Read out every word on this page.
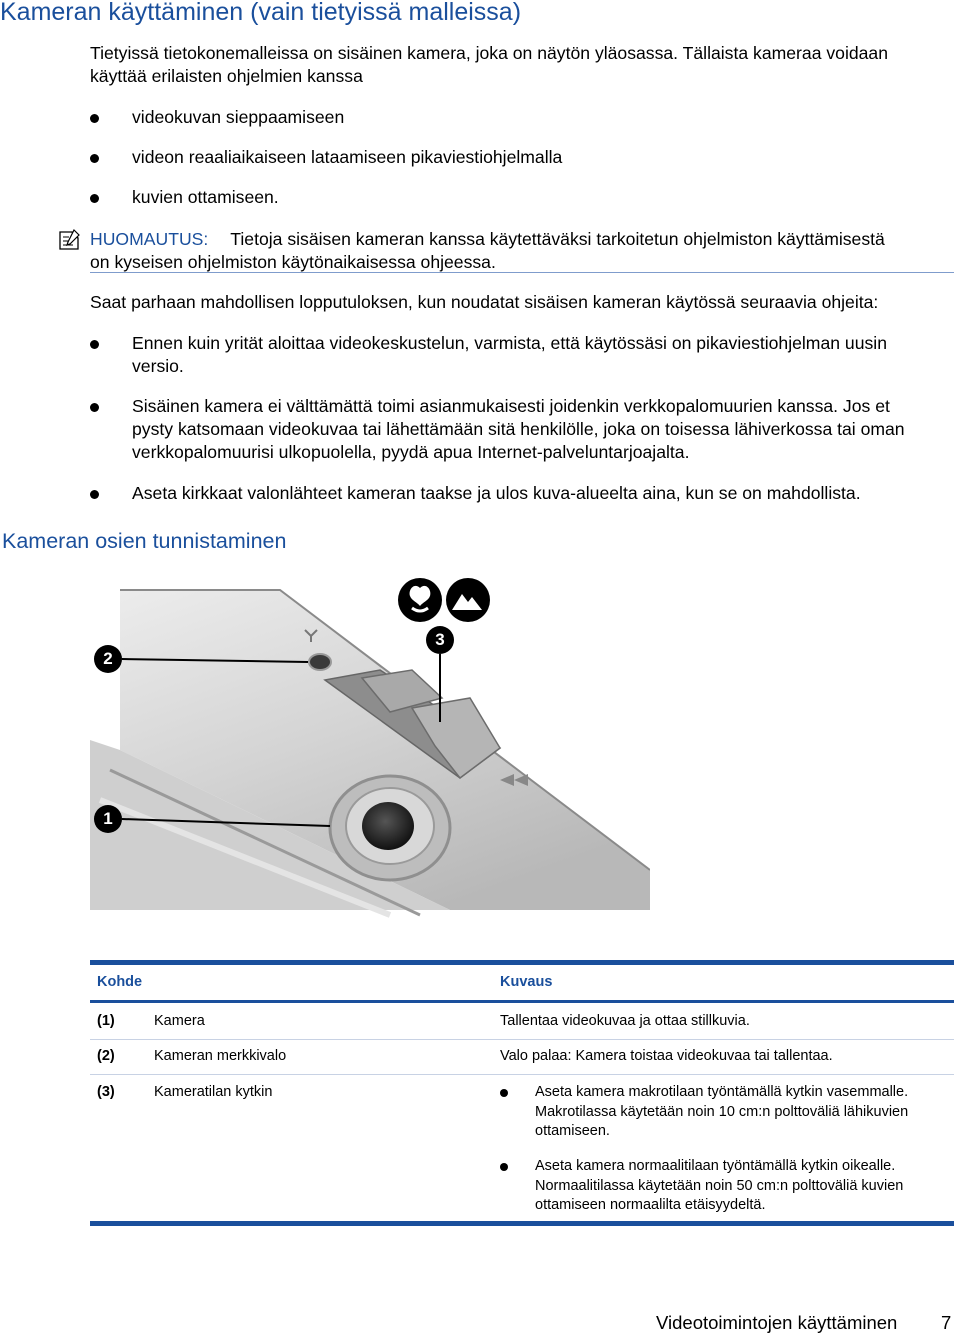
Kameran käyttäminen (vain tietyissä malleissa)
Tietyissä tietokonemalleissa on sisäinen kamera, joka on näytön yläosassa. Tällaista kameraa voidaan
käyttää erilaisten ohjelmien kanssa
videokuvan sieppaamiseen
videon reaaliaikaiseen lataamiseen pikaviestiohjelmalla
kuvien ottamiseen.
HUOMAUTUS: Tietoja sisäisen kameran kanssa käytettäväksi tarkoitetun ohjelmiston käyttämisestä
on kyseisen ohjelmiston käytönaikaisessa ohjeessa.
Saat parhaan mahdollisen lopputuloksen, kun noudatat sisäisen kameran käytössä seuraavia ohjeita:
Ennen kuin yrität aloittaa videokeskustelun, varmista, että käytössäsi on pikaviestiohjelman uusin
versio.
Sisäinen kamera ei välttämättä toimi asianmukaisesti joidenkin verkkopalomuurien kanssa. Jos et
pysty katsomaan videokuvaa tai lähettämään sitä henkilölle, joka on toisessa lähiverkossa tai oman
verkkopalomuurisi ulkopuolella, pyydä apua Internet-palveluntarjoajalta.
Aseta kirkkaat valonlähteet kameran taakse ja ulos kuva-alueelta aina, kun se on mahdollista.
Kameran osien tunnistaminen
1
2
3
Kohde	Kuvaus
(1)	Kamera	Tallentaa videokuvaa ja ottaa stillkuvia.
(2)	Kameran merkkivalo	Valo palaa: Kamera toistaa videokuvaa tai tallentaa.
(3)	Kameratilan kytkin	Aseta kamera makrotilaan työntämällä kytkin vasemmalle.
Makrotilassa käytetään noin 10 cm:n polttoväliä lähikuvien
ottamiseen.
Aseta kamera normaalitilaan työntämällä kytkin oikealle.
Normaalitilassa käytetään noin 50 cm:n polttoväliä kuvien
ottamiseen normaalilta etäisyydeltä.
Videotoimintojen käyttäminen 7
